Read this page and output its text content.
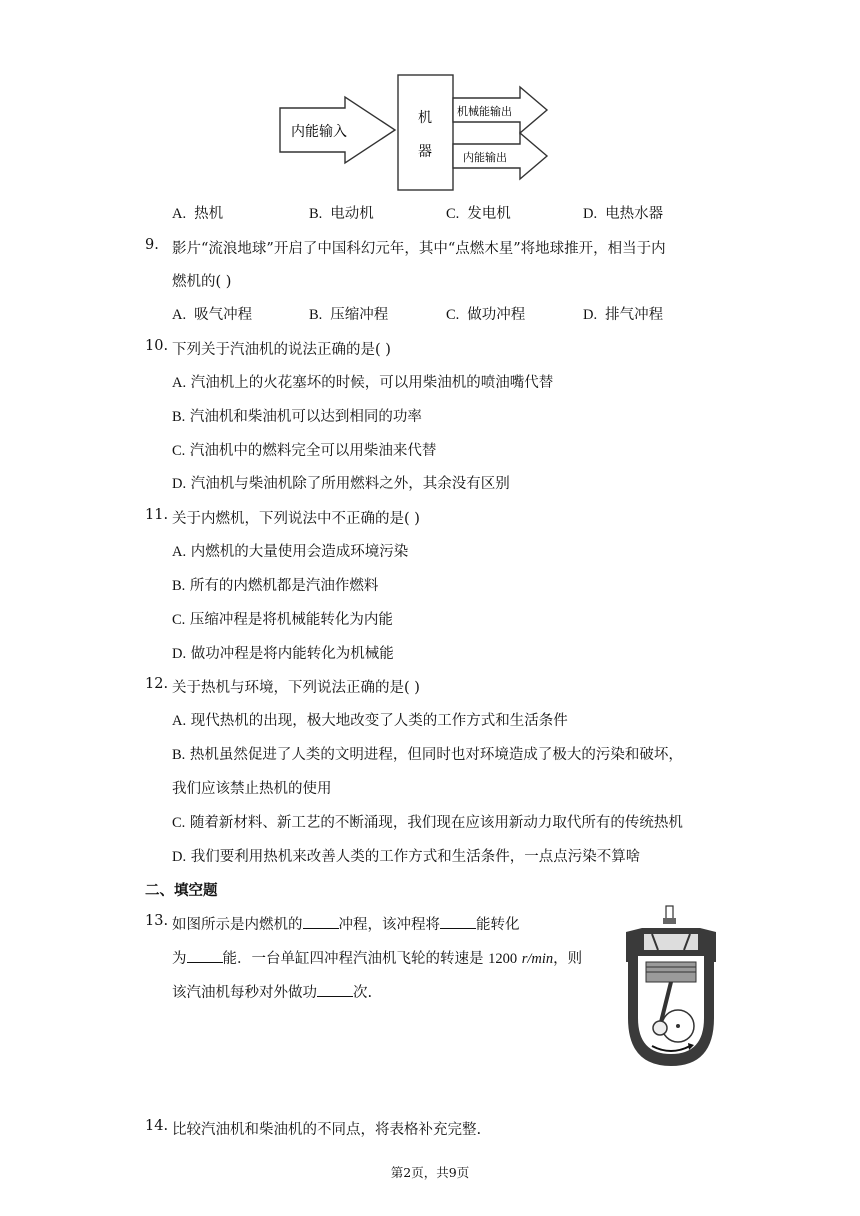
内能输入
机
器
机械能输出
内能输出
A. 热机	B. 电动机	C. 发电机	D. 电热水器
9. 影片“流浪地球”开启了中国科幻元年，其中“点燃木星”将地球推开，相当于内
燃机的( )
A. 吸气冲程	B. 压缩冲程	C. 做功冲程	D. 排气冲程
10. 下列关于汽油机的说法正确的是( )
A. 汽油机上的火花塞坏的时候，可以用柴油机的喷油嘴代替
B. 汽油机和柴油机可以达到相同的功率
C. 汽油机中的燃料完全可以用柴油来代替
D. 汽油机与柴油机除了所用燃料之外，其余没有区别
11. 关于内燃机，下列说法中不正确的是( )
A. 内燃机的大量使用会造成环境污染
B. 所有的内燃机都是汽油作燃料
C. 压缩冲程是将机械能转化为内能
D. 做功冲程是将内能转化为机械能
12. 关于热机与环境，下列说法正确的是( )
A. 现代热机的出现，极大地改变了人类的工作方式和生活条件
B. 热机虽然促进了人类的文明进程，但同时也对环境造成了极大的污染和破坏，
我们应该禁止热机的使用
C. 随着新材料、新工艺的不断涌现，我们现在应该用新动力取代所有的传统热机
D. 我们要利用热机来改善人类的工作方式和生活条件，一点点污染不算啥
二、填空题
13. 如图所示是内燃机的 冲程，该冲程将 能转化
为 能．一台单缸四冲程汽油机飞轮的转速是 1200 r/min，则
该汽油机每秒对外做功 次.
14. 比较汽油机和柴油机的不同点，将表格补充完整.
第2页，共9页
